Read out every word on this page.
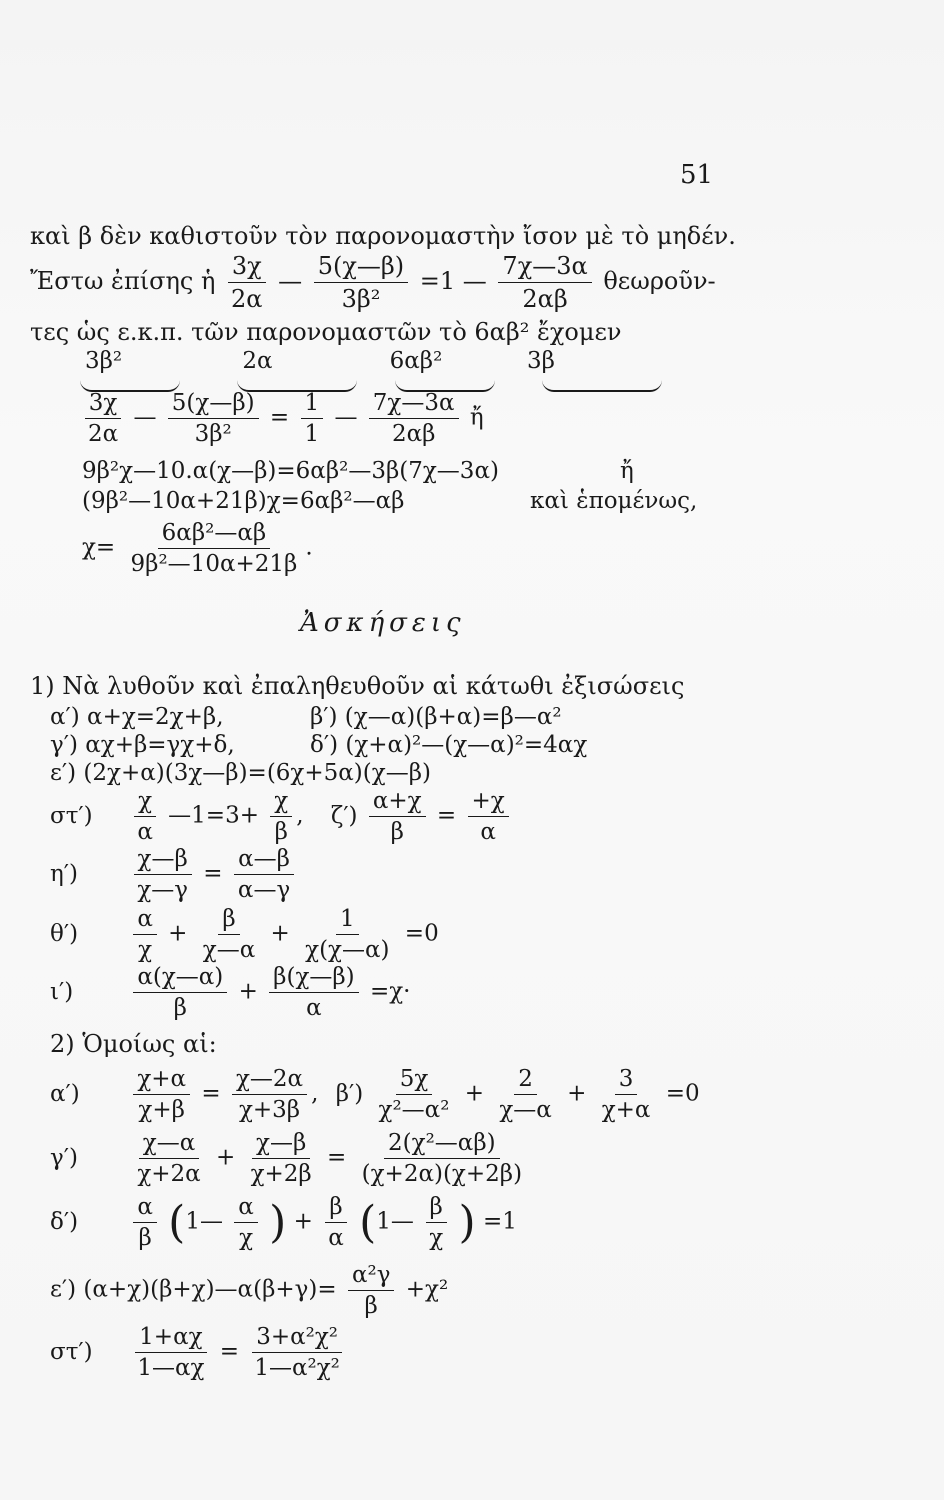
51
καὶ β δὲν καθιστοῦν τὸν παρονομαστὴν ἴσον μὲ τὸ μηδέν.
Ἔστω ἐπίσης ἡ $\frac{3\chi}{2\alpha}$ — $\frac{5(\chi—\beta)}{\text{3β²}} =1$ — $\frac{7\chi—3\alpha}{2\alpha\beta}$ θεωροῦν-
τες ὡς ε.κ.π. τῶν παρονομαστῶν τὸ 6αβ² ἔχομεν
3β²	2α	6αβ²	3β

$\frac{3\chi}{2\alpha}$ — $\frac{5(\chi—\beta)}{\text{3β²}} = \frac{1}{1}$ — $\frac{7\chi—3\alpha}{2\alpha\beta}$ ἤ
9β²χ—10.α(χ—β)=6αβ²—3β(7χ—3α)	ἤ
(9β²—10α+21β)χ=6αβ²—αβ	καὶ ἑπομένως,
$\chi= \frac{\text{6αβ²—αβ}}{\text{9β²—10α+21β}}$ .
Ἀσκήσεις
1) Νὰ λυθοῦν καὶ ἐπαληθευθοῦν αἱ κάτωθι ἐξισώσεις
α′) α+χ=2χ+β,	β′) (χ—α)(β+α)=β—α²
γ′) αχ+β=γχ+δ,	δ′) (χ+α)²—(χ—α)²=4αχ
ε′) (2χ+α)(3χ—β)=(6χ+5α)(χ—β)
$\sigma\tau') \frac{\chi}{\alpha}$ —1=3+ $\frac{\chi}{\beta}$ , $\zeta') \frac{\alpha+\chi}{\beta} = \frac{+\chi}{\alpha}$
$\eta') \frac{\chi—\beta}{\chi—\gamma} = \frac{\alpha—\beta}{\alpha—\gamma}$
$\theta') \frac{\alpha}{\chi} + \frac{\beta}{\chi—\alpha} + \frac{1}{\chi(\chi—\alpha)} =0$
ι′)	$\frac{\alpha(\chi—\alpha)}{\beta} + \frac{\beta(\chi—\beta)}{\alpha} =\chi\cdot$
2) Ὁμοίως αἱ:
$\alpha') \frac{\chi+\alpha}{\chi+\beta} = \frac{\chi—2\alpha}{\chi+3\beta}$ , $\beta') \frac{5\chi}{\text{χ²—α²}} + \frac{2}{\chi—\alpha} + \frac{3}{\chi+\alpha} =0$
$\gamma') \frac{\chi—\alpha}{\chi+2\alpha} + \frac{\chi—\beta}{\chi+2\beta} = \frac{\text{2(χ²—αβ)}}{(\chi+2\alpha)(\chi+2\beta)}$
$\delta') \frac{\alpha}{\beta}$ (1— $\frac{\alpha}{\chi}$ ) + $\frac{\beta}{\alpha}$ (1— $\frac{\beta}{\chi}$ ) =1
ε′) (α+χ)(β+χ)—α(β+γ)= $\frac{\text{α²γ}}{\beta} +\chi^2$
$\sigma\tau') \frac{1+\alpha\chi}{1—\alpha\chi} = \frac{\text{3+α²χ²}}{\text{1—α²χ²}}$
